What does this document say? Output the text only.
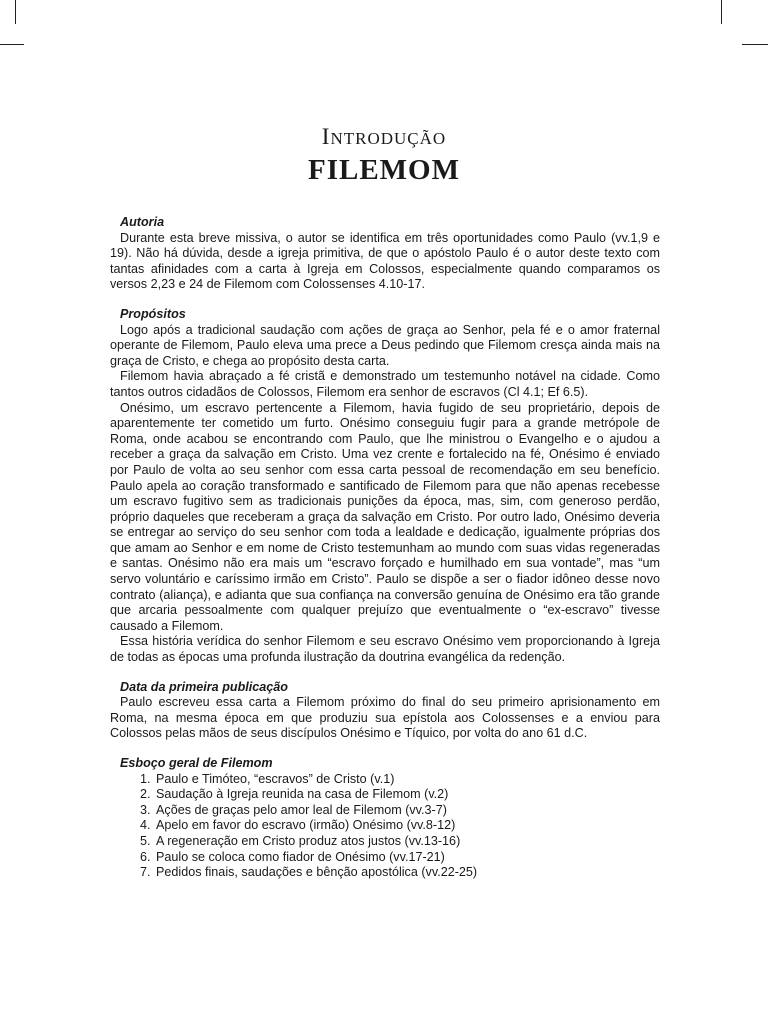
INTRODUÇÃO
FILEMOM
Autoria

Durante esta breve missiva, o autor se identifica em três oportunidades como Paulo (vv.1,9 e 19). Não há dúvida, desde a igreja primitiva, de que o apóstolo Paulo é o autor deste texto com tantas afinidades com a carta à Igreja em Colossos, especialmente quando comparamos os versos 2,23 e 24 de Filemom com Colossenses 4.10-17.

Propósitos

Logo após a tradicional saudação com ações de graça ao Senhor, pela fé e o amor fraternal operante de Filemom, Paulo eleva uma prece a Deus pedindo que Filemom cresça ainda mais na graça de Cristo, e chega ao propósito desta carta.

Filemom havia abraçado a fé cristã e demonstrado um testemunho notável na cidade. Como tantos outros cidadãos de Colossos, Filemom era senhor de escravos (Cl 4.1; Ef 6.5).

Onésimo, um escravo pertencente a Filemom, havia fugido de seu proprietário, depois de aparentemente ter cometido um furto. Onésimo conseguiu fugir para a grande metrópole de Roma, onde acabou se encontrando com Paulo, que lhe ministrou o Evangelho e o ajudou a receber a graça da salvação em Cristo. Uma vez crente e fortalecido na fé, Onésimo é enviado por Paulo de volta ao seu senhor com essa carta pessoal de recomendação em seu benefício. Paulo apela ao coração transformado e santificado de Filemom para que não apenas recebesse um escravo fugitivo sem as tradicionais punições da época, mas, sim, com generoso perdão, próprio daqueles que receberam a graça da salvação em Cristo. Por outro lado, Onésimo deveria se entregar ao serviço do seu senhor com toda a lealdade e dedicação, igualmente próprias dos que amam ao Senhor e em nome de Cristo testemunham ao mundo com suas vidas regeneradas e santas. Onésimo não era mais um “escravo forçado e humilhado em sua vontade”, mas “um servo voluntário e caríssimo irmão em Cristo”. Paulo se dispõe a ser o fiador idôneo desse novo contrato (aliança), e adianta que sua confiança na conversão genuína de Onésimo era tão grande que arcaria pessoalmente com qualquer prejuízo que eventualmente o “ex-escravo” tivesse causado a Filemom.

Essa história verídica do senhor Filemom e seu escravo Onésimo vem proporcionando à Igreja de todas as épocas uma profunda ilustração da doutrina evangélica da redenção.

Data da primeira publicação

Paulo escreveu essa carta a Filemom próximo do final do seu primeiro aprisionamento em Roma, na mesma época em que produziu sua epístola aos Colossenses e a enviou para Colossos pelas mãos de seus discípulos Onésimo e Tíquico, por volta do ano 61 d.C.

Esboço geral de Filemom
1. Paulo e Timóteo, “escravos” de Cristo (v.1)
2. Saudação à Igreja reunida na casa de Filemom (v.2)
3. Ações de graças pelo amor leal de Filemom (vv.3-7)
4. Apelo em favor do escravo (irmão) Onésimo (vv.8-12)
5. A regeneração em Cristo produz atos justos (vv.13-16)
6. Paulo se coloca como fiador de Onésimo (vv.17-21)
7. Pedidos finais, saudações e bênção apostólica (vv.22-25)
